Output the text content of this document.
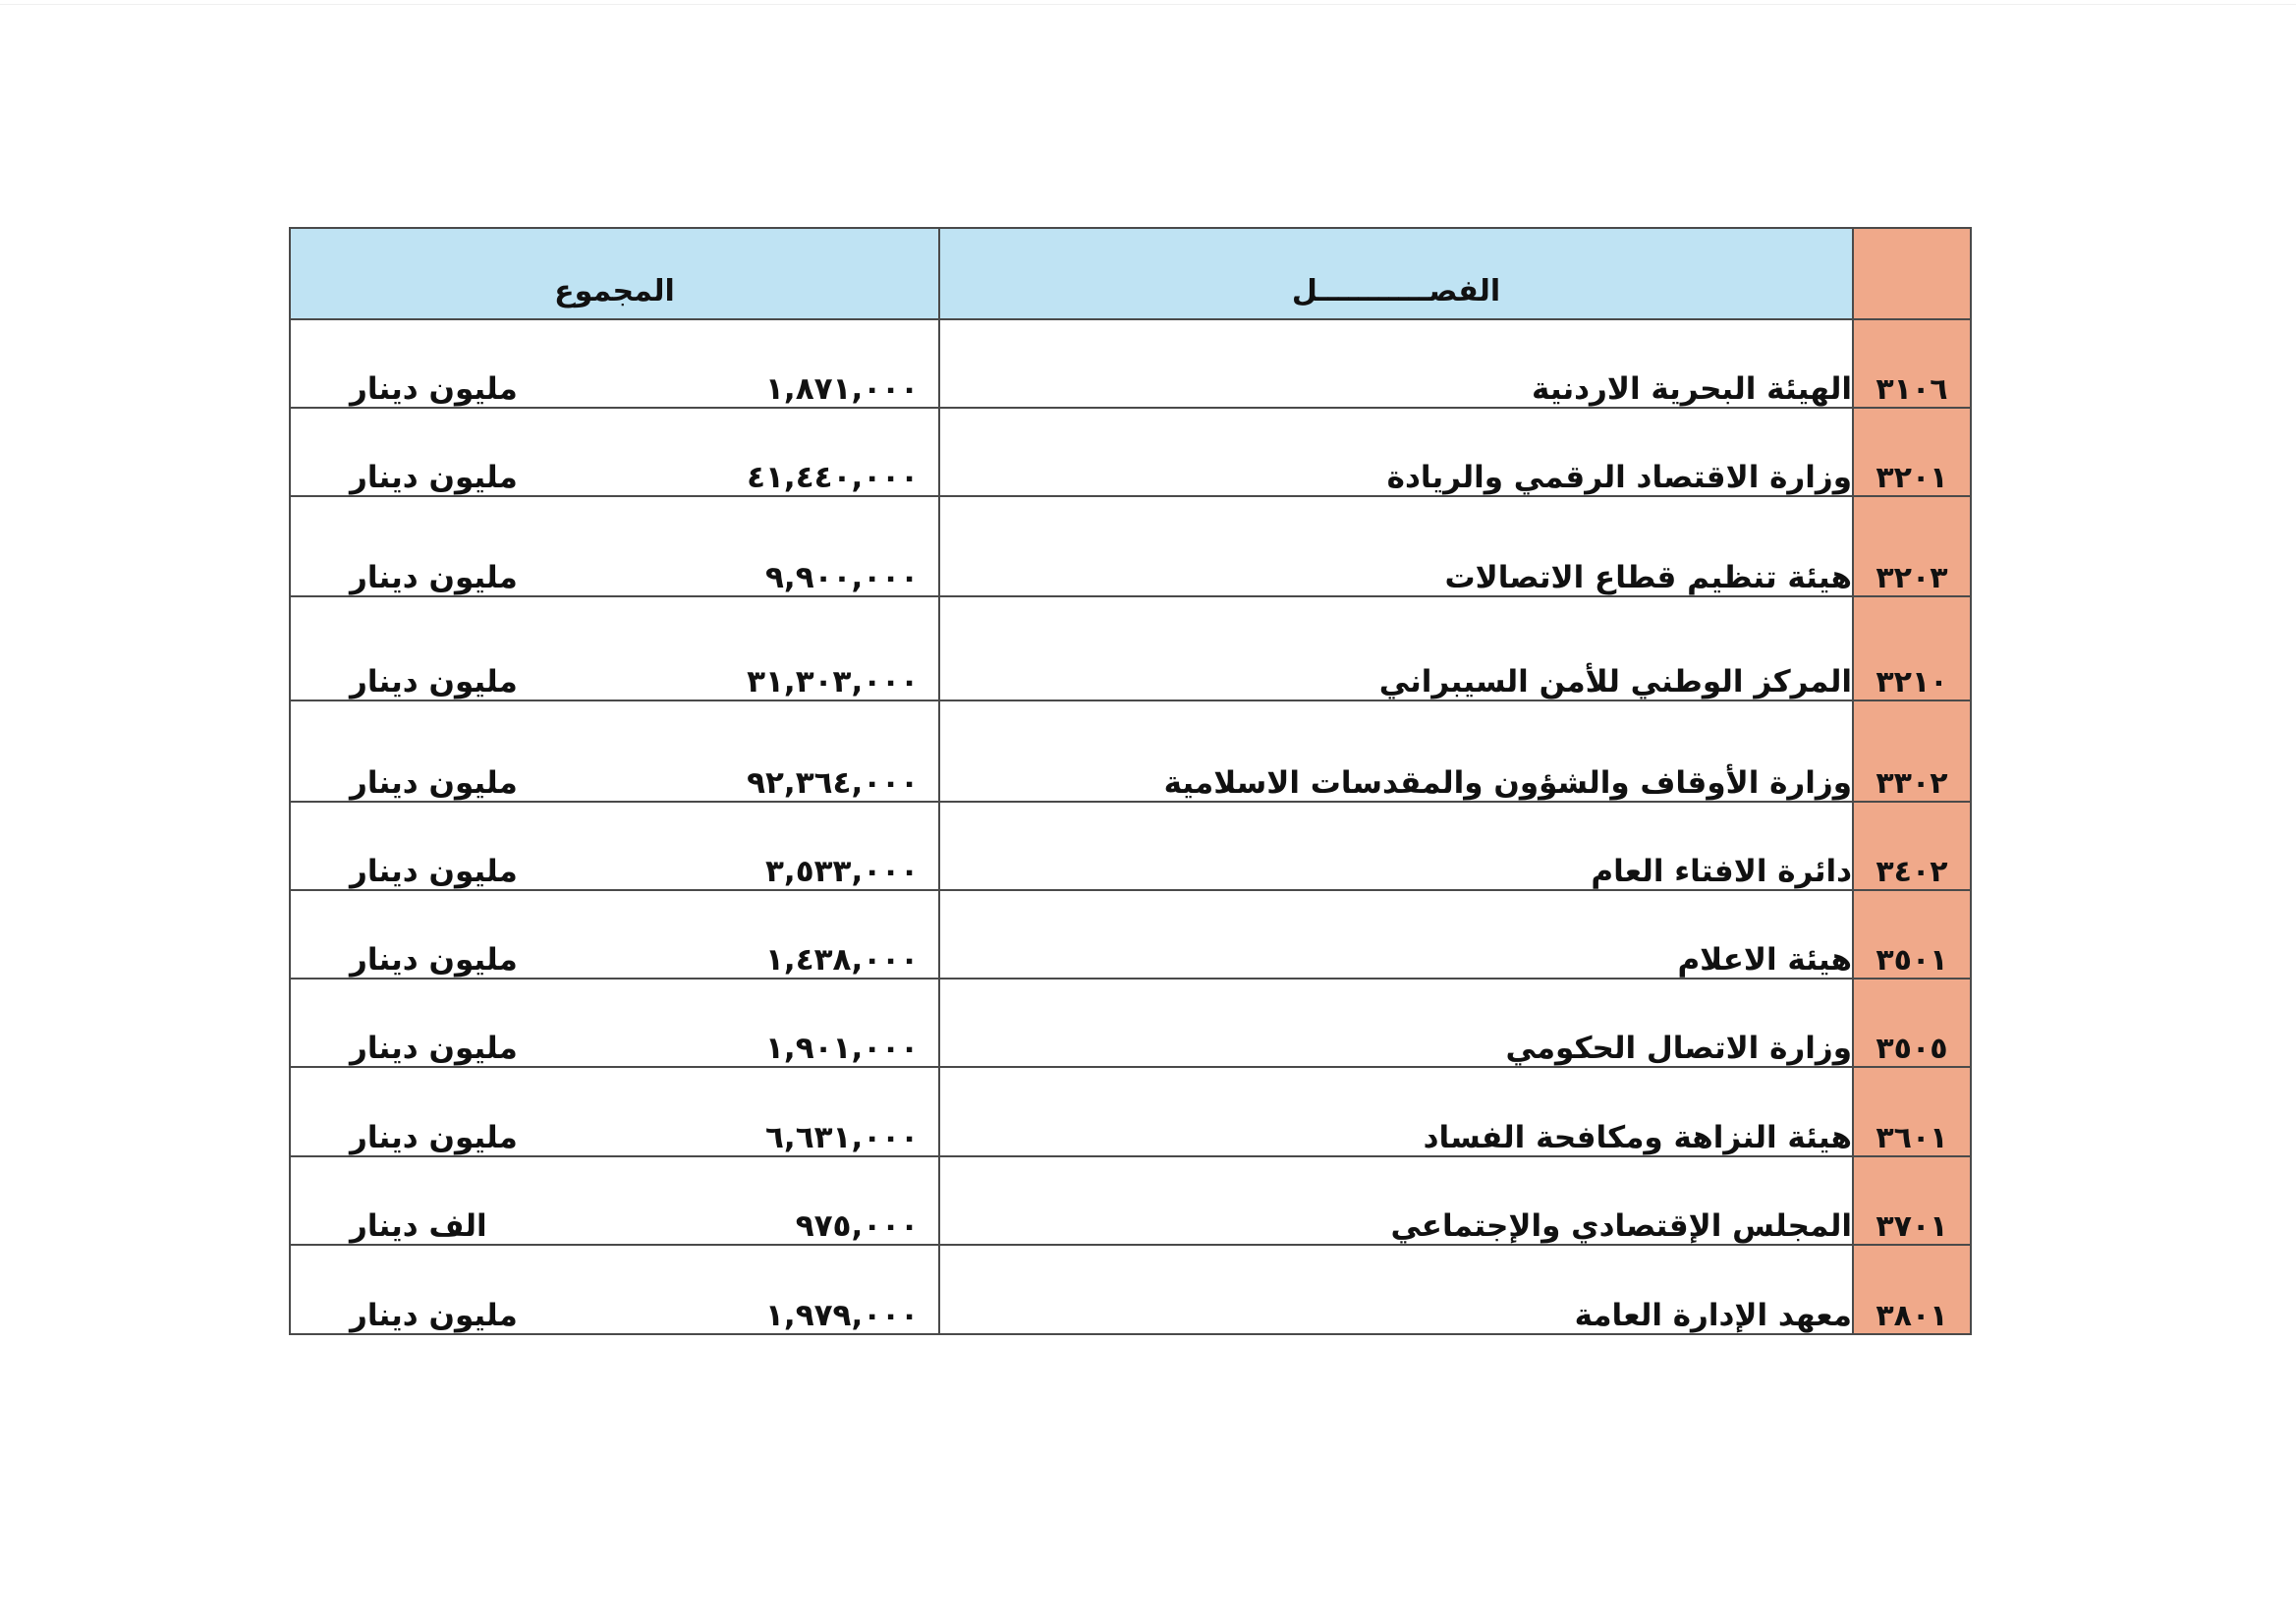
	الفصـــــــــــل	المجموع
٣١٠٦	الهيئة البحرية الاردنية	مليون دينار ١,٨٧١,٠٠٠

٣٢٠١	وزارة الاقتصاد الرقمي والريادة	مليون دينار ٤١,٤٤٠,٠٠٠

٣٢٠٣	هيئة تنظيم قطاع الاتصالات	مليون دينار ٩,٩٠٠,٠٠٠

٣٢١٠	المركز الوطني للأمن السيبراني	مليون دينار ٣١,٣٠٣,٠٠٠

٣٣٠٢	وزارة الأوقاف والشؤون والمقدسات الاسلامية	مليون دينار ٩٢,٣٦٤,٠٠٠

٣٤٠٢	دائرة الافتاء العام	مليون دينار ٣,٥٣٣,٠٠٠

٣٥٠١	هيئة الاعلام	مليون دينار ١,٤٣٨,٠٠٠

٣٥٠٥	وزارة الاتصال الحكومي	مليون دينار ١,٩٠١,٠٠٠

٣٦٠١	هيئة النزاهة ومكافحة الفساد	مليون دينار ٦,٦٣١,٠٠٠

٣٧٠١	المجلس الإقتصادي والإجتماعي	الف دينار ٩٧٥,٠٠٠

٣٨٠١	معهد الإدارة العامة	مليون دينار ١,٩٧٩,٠٠٠
